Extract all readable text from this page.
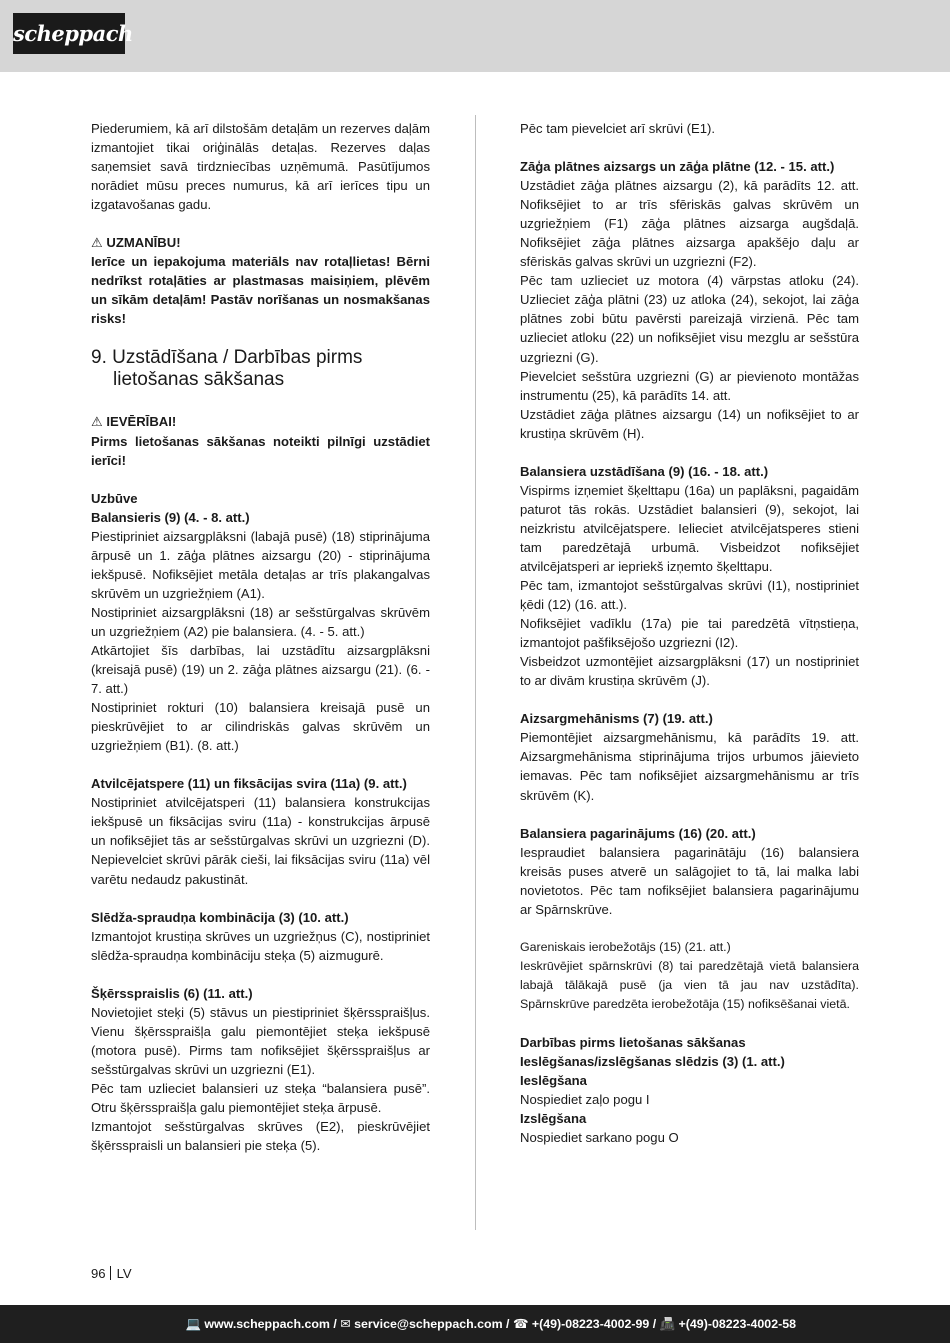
scheppach

Piederumiem, kā arī dilstošām detaļām un rezerves daļām izmantojiet tikai oriģinālās detaļas. Rezerves daļas saņemsiet savā tirdzniecības uzņēmumā. Pasūtījumos norādiet mūsu preces numurus, kā arī ierīces tipu un izgatavošanas gadu.

⚠ UZMANĪBU!

Ierīce un iepakojuma materiāls nav rotaļlietas! Bērni nedrīkst rotaļāties ar plastmasas maisiņiem, plēvēm un sīkām detaļām! Pastāv norīšanas un nosmakšanas risks!

9. Uzstādīšana / Darbības pirms lietošanas sākšanas

⚠ IEVĒRĪBAI!

Pirms lietošanas sākšanas noteikti pilnīgi uzstādiet ierīci!

Uzbūve

Balansieris (9) (4. - 8. att.)

Piestipriniet aizsargplāksni (labajā pusē) (18) stiprinājuma ārpusē un 1. zāģa plātnes aizsargu (20) - stiprinājuma iekšpusē. Nofiksējiet metāla detaļas ar trīs plakangalvas skrūvēm un uzgriežņiem (A1).

Nostipriniet aizsargplāksni (18) ar sešstūrgalvas skrūvēm un uzgriežņiem (A2) pie balansiera. (4. - 5. att.)

Atkārtojiet šīs darbības, lai uzstādītu aizsargplāksni (kreisajā pusē) (19) un 2. zāģa plātnes aizsargu (21). (6. - 7. att.)

Nostipriniet rokturi (10) balansiera kreisajā pusē un pieskrūvējiet to ar cilindriskās galvas skrūvēm un uzgriežņiem (B1). (8. att.)

Atvilcējatspere (11) un fiksācijas svira (11a) (9. att.)

Nostipriniet atvilcējatsperi (11) balansiera konstrukcijas iekšpusē un fiksācijas sviru (11a) - konstrukcijas ārpusē un nofiksējiet tās ar sešstūrgalvas skrūvi un uzgriezni (D). Nepievelciet skrūvi pārāk cieši, lai fiksācijas sviru (11a) vēl varētu nedaudz pakustināt.

Slēdža-spraudņa kombinācija (3) (10. att.)

Izmantojot krustiņa skrūves un uzgriežņus (C), nostipriniet slēdža-spraudņa kombināciju steķa (5) aizmugurē.

Šķērsspraislis (6) (11. att.)

Novietojiet steķi (5) stāvus un piestipriniet šķērsspraišļus. Vienu šķērsspraišļa galu piemontējiet steķa iekšpusē (motora pusē). Pirms tam nofiksējiet šķērsspraišļus ar sešstūrgalvas skrūvi un uzgriezni (E1).

Pēc tam uzlieciet balansieri uz steķa “balansiera pusē”. Otru šķērsspraišļa galu piemontējiet steķa ārpusē.

Izmantojot sešstūrgalvas skrūves (E2), pieskrūvējiet šķērsspraisli un balansieri pie steķa (5).

Pēc tam pievelciet arī skrūvi (E1).

Zāģa plātnes aizsargs un zāģa plātne (12. - 15. att.)

Uzstādiet zāģa plātnes aizsargu (2), kā parādīts 12. att. Nofiksējiet to ar trīs sfēriskās galvas skrūvēm un uzgriežņiem (F1) zāģa plātnes aizsarga augšdaļā. Nofiksējiet zāģa plātnes aizsarga apakšējo daļu ar sfēriskās galvas skrūvi un uzgriezni (F2).

Pēc tam uzlieciet uz motora (4) vārpstas atloku (24). Uzlieciet zāģa plātni (23) uz atloka (24), sekojot, lai zāģa plātnes zobi būtu pavērsti pareizajā virzienā. Pēc tam uzlieciet atloku (22) un nofiksējiet visu mezglu ar sešstūra uzgriezni (G).

Pievelciet sešstūra uzgriezni (G) ar pievienoto montāžas instrumentu (25), kā parādīts 14. att.

Uzstādiet zāģa plātnes aizsargu (14) un nofiksējiet to ar krustiņa skrūvēm (H).

Balansiera uzstādīšana (9) (16. - 18. att.)

Vispirms izņemiet šķelttapu (16a) un paplāksni, pagaidām paturot tās rokās. Uzstādiet balansieri (9), sekojot, lai neizkristu atvilcējatspere. Ielieciet atvilcējatsperes stieni tam paredzētajā urbumā. Visbeidzot nofiksējiet atvilcējatsperi ar iepriekš izņemto šķelttapu.

Pēc tam, izmantojot sešstūrgalvas skrūvi (I1), nostipriniet ķēdi (12) (16. att.).

Nofiksējiet vadīklu (17a) pie tai paredzētā vītņstieņa, izmantojot pašfiksējošo uzgriezni (I2).

Visbeidzot uzmontējiet aizsargplāksni (17) un nostipriniet to ar divām krustiņa skrūvēm (J).

Aizsargmehānisms (7) (19. att.)

Piemontējiet aizsargmehānismu, kā parādīts 19. att. Aizsargmehānisma stiprinājuma trijos urbumos jāievieto iemavas. Pēc tam nofiksējiet aizsargmehānismu ar trīs skrūvēm (K).

Balansiera pagarinājums (16) (20. att.)

Iespraudiet balansiera pagarinātāju (16) balansiera kreisās puses atverē un salāgojiet to tā, lai malka labi novietotos. Pēc tam nofiksējiet balansiera pagarinājumu ar Spārnskrūve.

Gareniskais ierobežotājs (15) (21. att.)

Ieskrūvējiet spārnskrūvi (8) tai paredzētajā vietā balansiera labajā tālākajā pusē (ja vien tā jau nav uzstādīta). Spārnskrūve paredzēta ierobežotāja (15) nofiksēšanai vietā.

Darbības pirms lietošanas sākšanas

Ieslēgšanas/izslēgšanas slēdzis (3) (1. att.)

Ieslēgšana

Nospiediet zaļo pogu I

Izslēgšana

Nospiediet sarkano pogu O

96 LV
💻 www.scheppach.com / ✉ service@scheppach.com / ☎ +(49)-08223-4002-99 / 📠 +(49)-08223-4002-58
